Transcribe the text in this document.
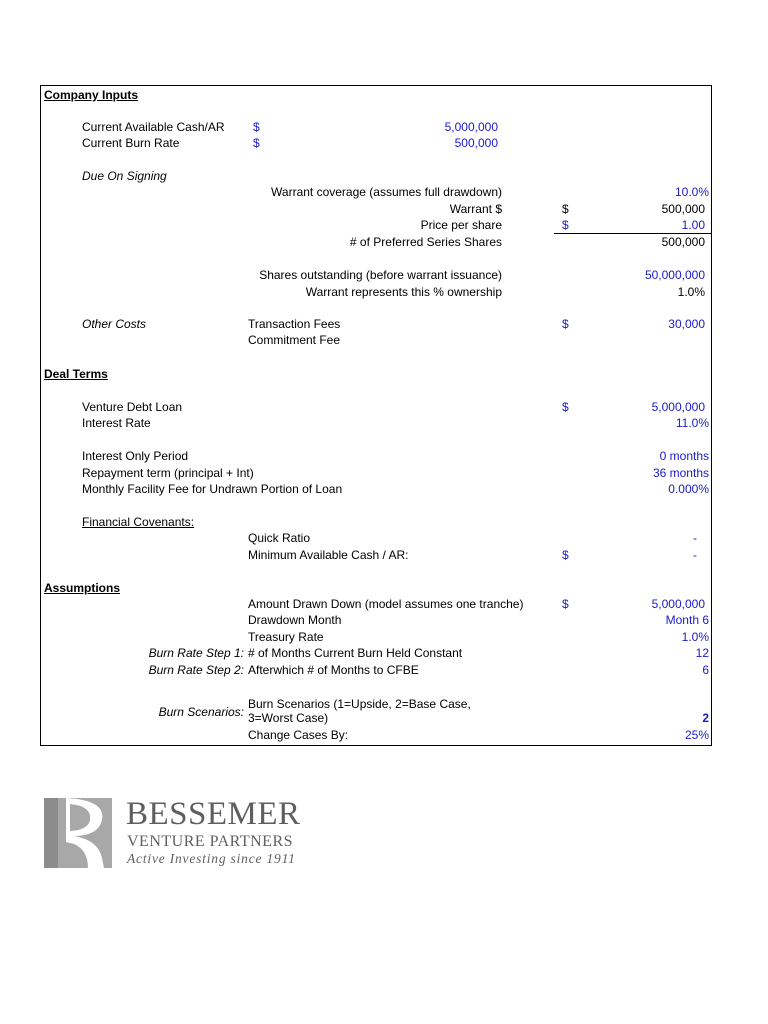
Company Inputs
Current Available Cash/AR $	5,000,000
Current Burn Rate	$	500,000
Due On Signing
Warrant coverage (assumes full drawdown)	10.0%
Warrant $	$	500,000
Price per share	$	1.00
# of Preferred Series Shares	500,000
Shares outstanding (before warrant issuance)	50,000,000
Warrant represents this % ownership	1.0%
Other Costs	Transaction Fees	$	30,000
Commitment Fee
Deal Terms
Venture Debt Loan	$	5,000,000
Interest Rate	11.0%
Interest Only Period	0 months
Repayment term (principal + Int)	36 months
Monthly Facility Fee for Undrawn Portion of Loan	0.000%
Financial Covenants:
Quick Ratio	-
Minimum Available Cash / AR:	$	-
Assumptions
Amount Drawn Down (model assumes one tranche)	$	5,000,000
Drawdown Month	Month 6
Treasury Rate	1.0%
Burn Rate Step 1: # of Months Current Burn Held Constant	12
Burn Rate Step 2: Afterwhich # of Months to CFBE	6
Burn Scenarios:
Burn Scenarios (1=Upside, 2=Base Case,
3=Worst Case)	2
Change Cases By:	25%
BESSEMER
VENTURE PARTNERS
Active Investing since 1911
